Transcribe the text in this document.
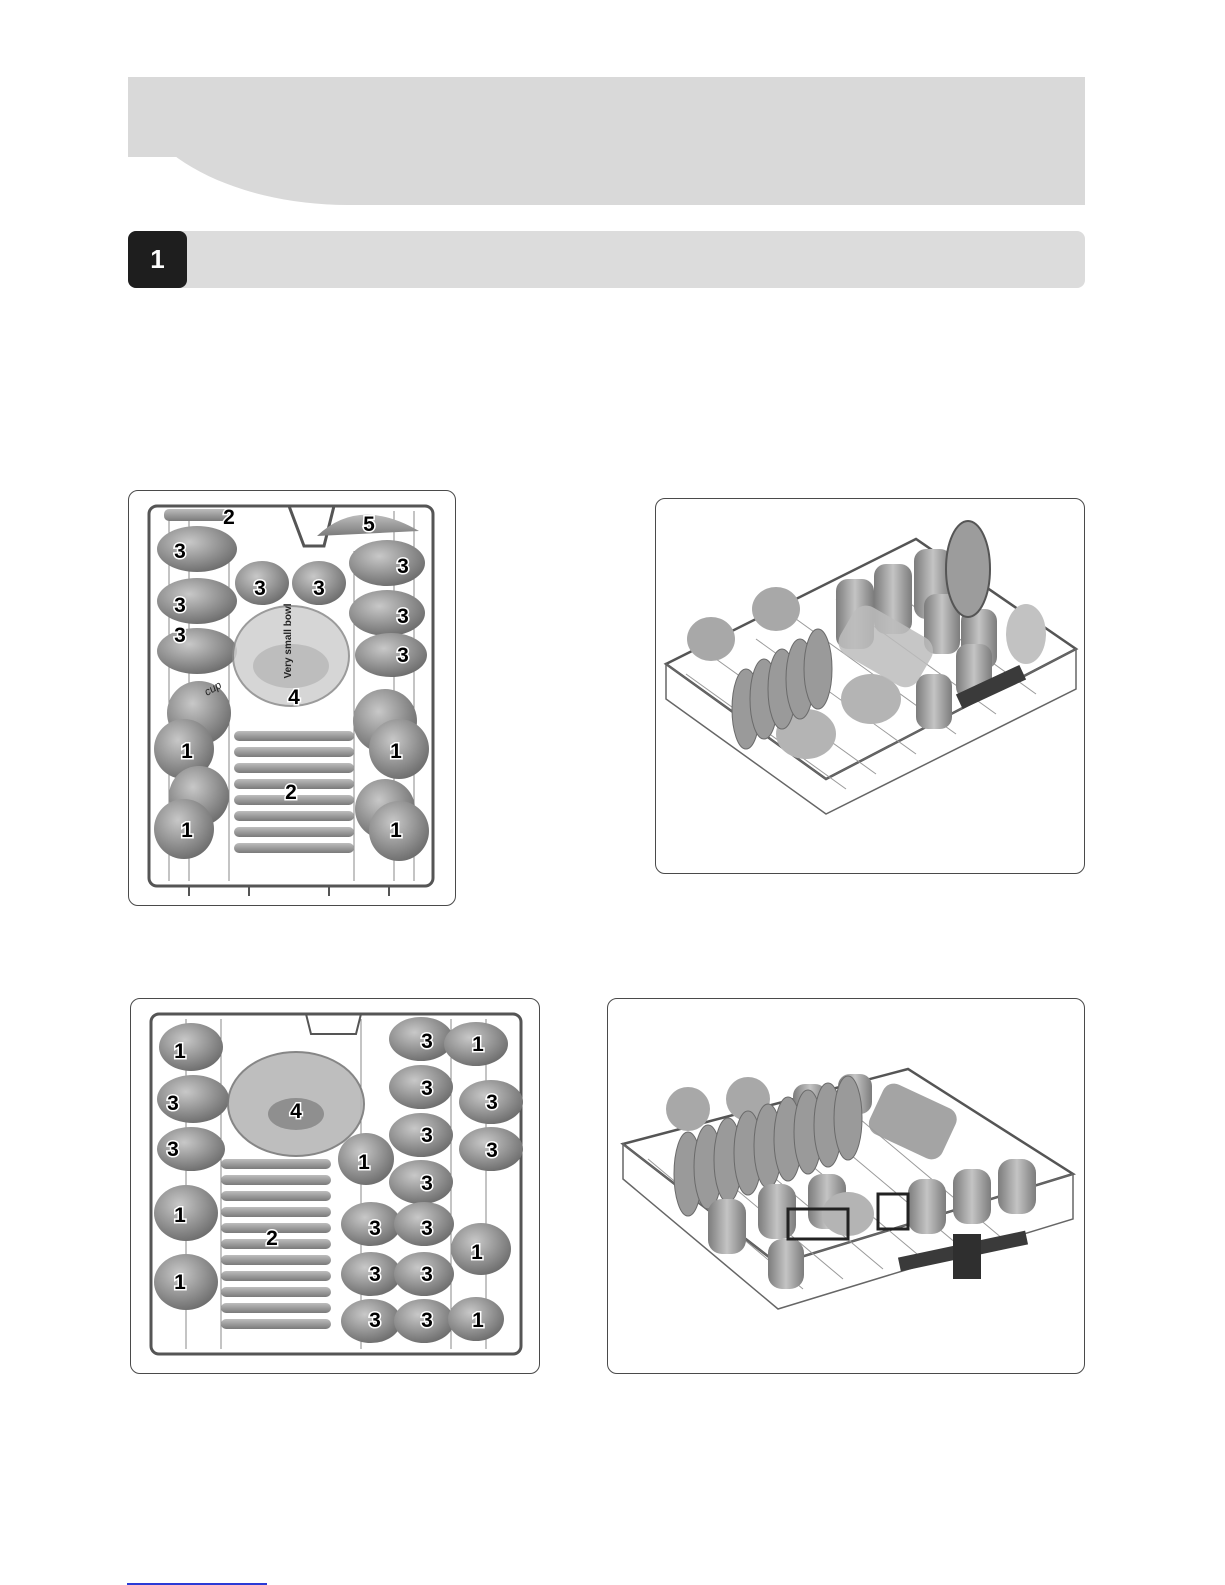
1
Very small bowl
cup
2	5
3
3
3 3
3	3
3
3
4
1	1
2
1	1
1
3
1
3
4
3
3
3
3
3
1
3
1
3 3
2
1
1	3 3
3 3 1
